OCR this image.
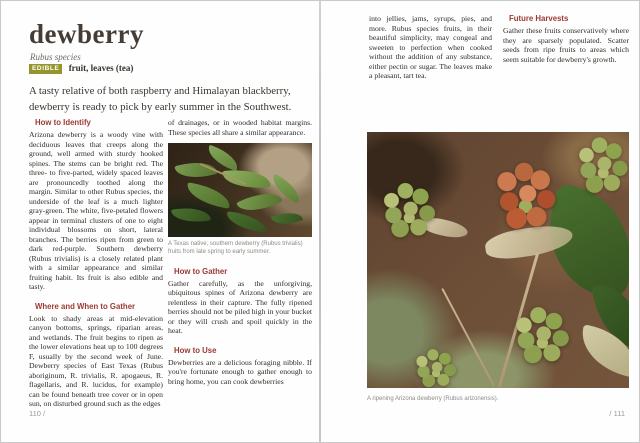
dewberry
Rubus species
EDIBLE fruit, leaves (tea)

A tasty relative of both raspberry and Himalayan blackberry, dewberry is ready to pick by early summer in the Southwest.

How to Identify

Arizona dewberry is a woody vine with deciduous leaves that creeps along the ground, well armed with sturdy hooked spines. The stems can be bright red. The three- to five-parted, widely spaced leaves are pronouncedly toothed along the margin. Similar to other Rubus species, the underside of the leaf is a much lighter gray-green. The white, five-petaled flowers appear in terminal clusters of one to eight individual blossoms on short, lateral branches. The berries ripen from green to dark red-purple. Southern dewberry (Rubus trivialis) is a closely related plant with a similar appearance and similar fruiting habit. Its fruit is also edible and tasty.

Where and When to Gather

Look to shady areas at mid-elevation canyon bottoms, springs, riparian areas, and wetlands. The fruit begins to ripen as the lower elevations heat up to 100 degrees F, usually by the second week of June. Dewberry species of East Texas (Rubus aboriginum, R. trivialis, R. apogaeus, R. flagellaris, and R. lucidus, for example) can be found beneath tree cover or in open sun, on disturbed ground such as the edges

of drainages, or in wooded habitat margins. These species all share a similar appearance.

A Texas native, southern dewberry (Rubus trivialis) fruits from late spring to early summer.
How to Gather

Gather carefully, as the unforgiving, ubiquitous spines of Arizona dewberry are relentless in their capture. The fully ripened berries should not be piled high in your bucket or they will crush and spoil quickly in the heat.

How to Use

Dewberries are a delicious foraging nibble. If you're fortunate enough to gather enough to bring home, you can cook dewberries

110 /

into jellies, jams, syrups, pies, and more. Rubus species fruits, in their beautiful simplicity, may congeal and sweeten to perfection when cooked without the addition of any substance, either pectin or sugar. The leaves make a pleasant, tart tea.

Future Harvests

Gather these fruits conservatively where they are sparsely populated. Scatter seeds from ripe fruits to areas which seem suitable for dewberry's growth.

A ripening Arizona dewberry (Rubus arizonensis).
/ 111
